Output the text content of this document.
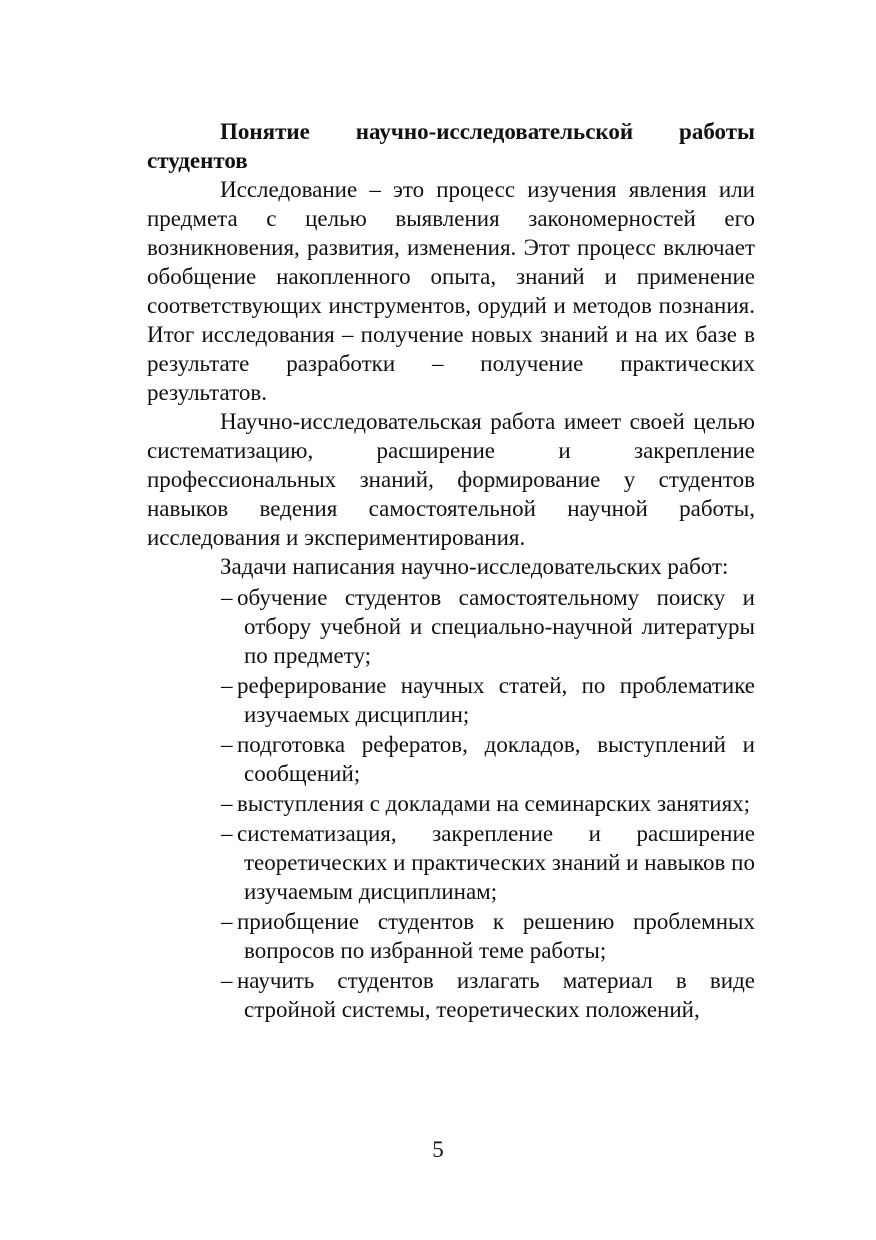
Понятие научно-исследовательской работы студентов

Исследование – это процесс изучения явления или предмета с целью выявления закономерностей его возникновения, развития, изменения. Этот процесс включает обобщение накопленного опыта, знаний и применение соответствующих инструментов, орудий и методов познания. Итог исследования – получение новых знаний и на их базе в результате разработки – получение практических результатов.

Научно-исследовательская работа имеет своей целью систематизацию, расширение и закрепление профессиональных знаний, формирование у студентов навыков ведения самостоятельной научной работы, исследования и экспериментирования.

Задачи написания научно-исследовательских работ:

– обучение студентов самостоятельному поиску и отбору учебной и специально-научной литературы по предмету;
– реферирование научных статей, по проблематике изучаемых дисциплин;
– подготовка рефератов, докладов, выступлений и сообщений;
– выступления с докладами на семинарских занятиях;
– систематизация, закрепление и расширение теоретических и практических знаний и навыков по изучаемым дисциплинам;
– приобщение студентов к решению проблемных вопросов по избранной теме работы;
– научить студентов излагать материал в виде стройной системы, теоретических положений,
5
